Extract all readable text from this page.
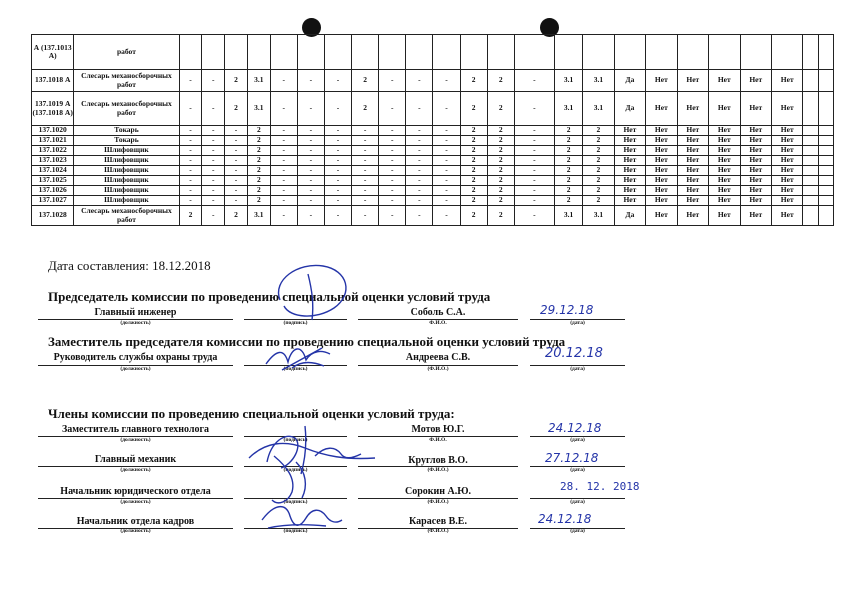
А (137.1013 А)	работ																								
137.1018 А	Слесарь механосборочных работ	-	-	2	3.1	-	-	-	2	-	-	-	2	2	-	3.1	3.1	Да	Нет	Нет	Нет	Нет	Нет		
137.1019 А (137.1018 А)	Слесарь механосборочных работ	-	-	2	3.1	-	-	-	2	-	-	-	2	2	-	3.1	3.1	Да	Нет	Нет	Нет	Нет	Нет		
137.1020	Токарь	-	-	-	2	-	-	-	-	-	-	-	2	2	-	2	2	Нет	Нет	Нет	Нет	Нет	Нет		
137.1021	Токарь	-	-	-	2	-	-	-	-	-	-	-	2	2	-	2	2	Нет	Нет	Нет	Нет	Нет	Нет		
137.1022	Шлифовщик	-	-	-	2	-	-	-	-	-	-	-	2	2	-	2	2	Нет	Нет	Нет	Нет	Нет	Нет		
137.1023	Шлифовщик	-	-	-	2	-	-	-	-	-	-	-	2	2	-	2	2	Нет	Нет	Нет	Нет	Нет	Нет		
137.1024	Шлифовщик	-	-	-	2	-	-	-	-	-	-	-	2	2	-	2	2	Нет	Нет	Нет	Нет	Нет	Нет		
137.1025	Шлифовщик	-	-	-	2	-	-	-	-	-	-	-	2	2	-	2	2	Нет	Нет	Нет	Нет	Нет	Нет		
137.1026	Шлифовщик	-	-	-	2	-	-	-	-	-	-	-	2	2	-	2	2	Нет	Нет	Нет	Нет	Нет	Нет		
137.1027	Шлифовщик	-	-	-	2	-	-	-	-	-	-	-	2	2	-	2	2	Нет	Нет	Нет	Нет	Нет	Нет		
137.1028	Слесарь механосборочных работ	2	-	2	3.1	-	-	-	-	-	-	-	2	2	-	3.1	3.1	Да	Нет	Нет	Нет	Нет	Нет		
Дата составления: 18.12.2018
Председатель комиссии по проведению специальной оценки условий труда
Главный инженер
(должность)	(подпись)
Соболь С.А.
Ф.И.О.
29.12.18
(дата)
Заместитель председателя комиссии по проведению специальной оценки условий труда
Руководитель службы охраны труда
(должность)	(подпись)
Андреева С.В.
(Ф.И.О.)
20.12.18
(дата)
Члены комиссии по проведению специальной оценки условий труда:
Заместитель главного технолога
(должность)	(подпись)
Мотов Ю.Г.
Ф.И.О.
24.12.18
(дата)
Главный механик
(должность)	(подпись)
Круглов В.О.
(Ф.И.О.)
27.12.18
(дата)
Начальник юридического отдела
(должность)	(подпись)
Сорокин А.Ю.
(Ф.И.О.)
28. 12. 2018
(дата)
Начальник отдела кадров
(должность)	(подпись)
Карасев В.Е.
(Ф.И.О.)
24.12.18
(дата)
